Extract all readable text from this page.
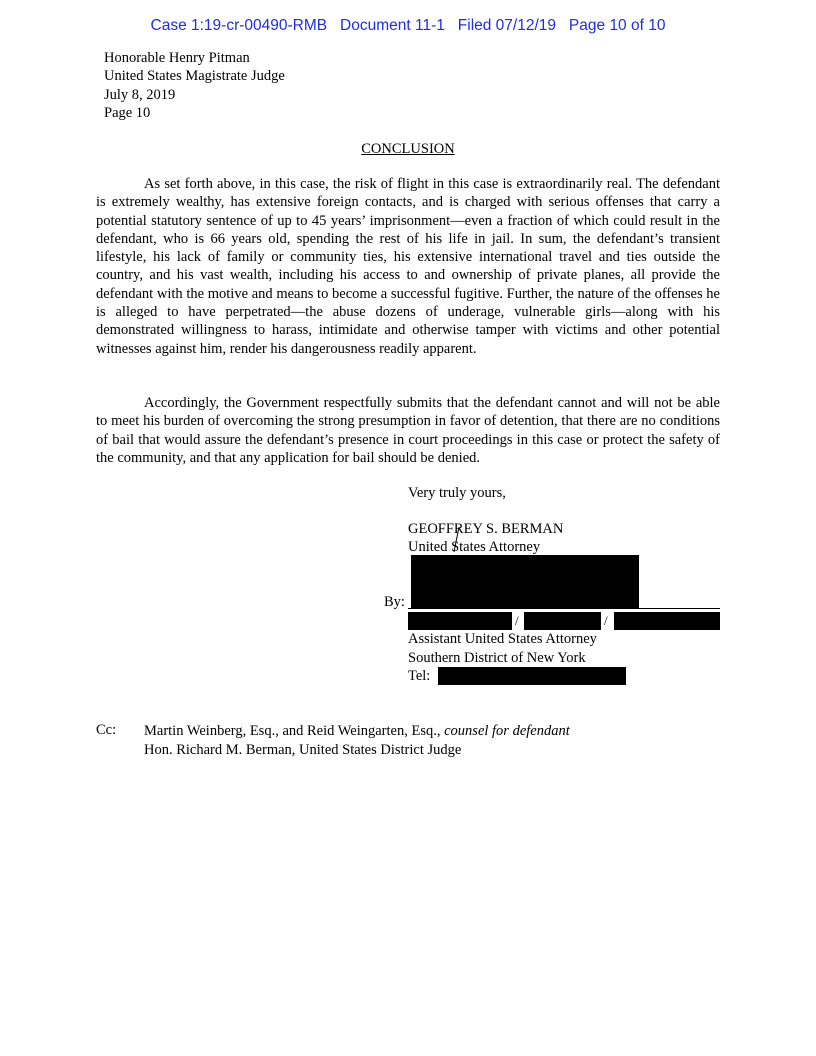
Case 1:19-cr-00490-RMB   Document 11-1   Filed 07/12/19   Page 10 of 10
Honorable Henry Pitman
United States Magistrate Judge
July 8, 2019
Page 10
CONCLUSION

As set forth above, in this case, the risk of flight in this case is extraordinarily real. The defendant is extremely wealthy, has extensive foreign contacts, and is charged with serious offenses that carry a potential statutory sentence of up to 45 years’ imprisonment—even a fraction of which could result in the defendant, who is 66 years old, spending the rest of his life in jail. In sum, the defendant’s transient lifestyle, his lack of family or community ties, his extensive international travel and ties outside the country, and his vast wealth, including his access to and ownership of private planes, all provide the defendant with the motive and means to become a successful fugitive. Further, the nature of the offenses he is alleged to have perpetrated—the abuse dozens of underage, vulnerable girls—along with his demonstrated willingness to harass, intimidate and otherwise tamper with victims and other potential witnesses against him, render his dangerousness readily apparent.

Accordingly, the Government respectfully submits that the defendant cannot and will not be able to meet his burden of overcoming the strong presumption in favor of detention, that there are no conditions of bail that would assure the defendant’s presence in court proceedings in this case or protect the safety of the community, and that any application for bail should be denied.

Very truly yours,
GEOFFREY S. BERMAN
United States Attorney
By:
/	/
Assistant United States Attorney
Southern District of New York
Tel:
Cc: Martin Weinberg, Esq., and Reid Weingarten, Esq., counsel for defendant
Hon. Richard M. Berman, United States District Judge
